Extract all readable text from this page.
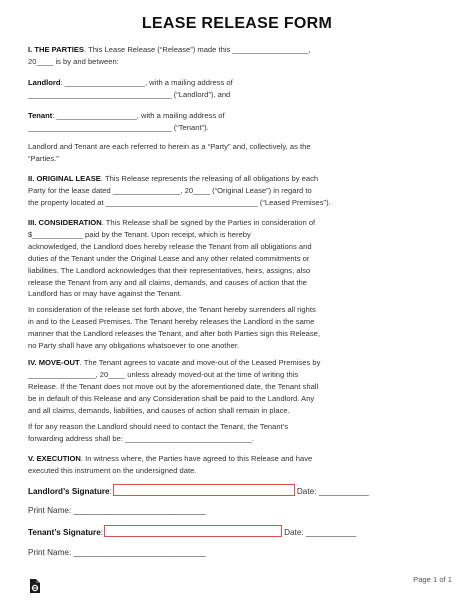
LEASE RELEASE FORM

I. THE PARTIES. This Lease Release (“Release”) made this __________________,
20____ is by and between:

Landlord: ___________________, with a mailing address of
__________________________________ (“Landlord”), and

Tenant: ___________________, with a mailing address of
__________________________________ (“Tenant”).

Landlord and Tenant are each referred to herein as a “Party” and, collectively, as the
“Parties.”

II. ORIGINAL LEASE. This Release represents the releasing of all obligations by each
Party for the lease dated ________________, 20____ (“Original Lease”) in regard to
the property located at ____________________________________ (“Leased Premises”).

III. CONSIDERATION. This Release shall be signed by the Parties in consideration of
$____________ paid by the Tenant. Upon receipt, which is hereby
acknowledged, the Landlord does hereby release the Tenant from all obligations and
duties of the Tenant under the Original Lease and any other related commitments or
liabilities. The Landlord acknowledges that their representatives, heirs, assigns, also
release the Tenant from any and all claims, demands, and causes of action that the
Landlord has or may have against the Tenant.

In consideration of the release set forth above, the Tenant hereby surrenders all rights
in and to the Leased Premises. The Tenant hereby releases the Landlord in the same
manner that the Landlord releases the Tenant, and after both Parties sign this Release,
no Party shall have any obligations whatsoever to one another.

IV. MOVE-OUT. The Tenant agrees to vacate and move-out of the Leased Premises by
________________, 20____ unless already moved-out at the time of writing this
Release. If the Tenant does not move out by the aforementioned date, the Tenant shall
be in default of this Release and any Consideration shall be paid to the Landlord. Any
and all claims, demands, liabilities, and causes of action shall remain in place.

If for any reason the Landlord should need to contact the Tenant, the Tenant’s
forwarding address shall be: ______________________________.

V. EXECUTION. In witness where, the Parties have agreed to this Release and have
executed this instrument on the undersigned date.

Landlord’s Signature:	Date: ___________
Print Name: _____________________________
Tenant’s Signature:	Date: ___________
Print Name: _____________________________
Page 1 of 1
